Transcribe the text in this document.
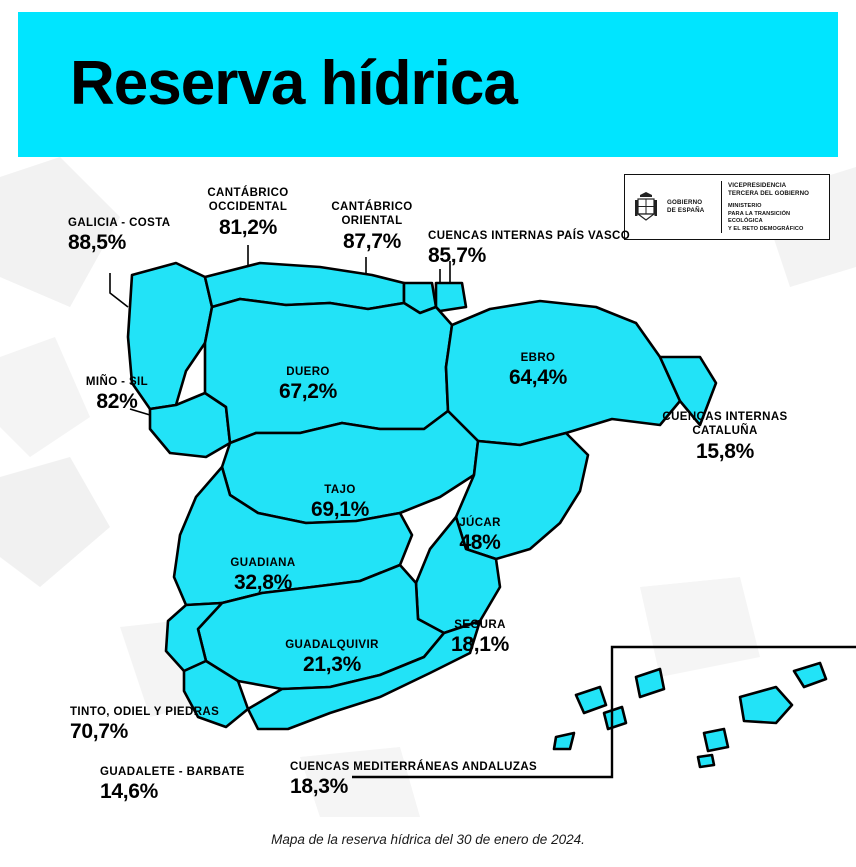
Reserva hídrica
GOBIERNO
DE ESPAÑA
VICEPRESIDENCIA
TERCERA DEL GOBIERNO
MINISTERIO
PARA LA TRANSICIÓN ECOLÓGICA
Y EL RETO DEMOGRÁFICO
GALICIA - COSTA
88,5%
CANTÁBRICO
OCCIDENTAL
81,2%
CANTÁBRICO
ORIENTAL
87,7%	CUENCAS INTERNAS PAÍS VASCO
85,7%
MIÑO - SIL
82%
DUERO
67,2%
EBRO
64,4%
CUENCAS INTERNAS
CATALUÑA
15,8%
TAJO
69,1%
JÚCAR
48%
GUADIANA
32,8%
SEGURA
18,1%
GUADALQUIVIR
21,3%
TINTO, ODIEL Y PIEDRAS
70,7%
GUADALETE - BARBATE
14,6%
CUENCAS MEDITERRÁNEAS ANDALUZAS
18,3%
Mapa de la reserva hídrica del 30 de enero de 2024.
